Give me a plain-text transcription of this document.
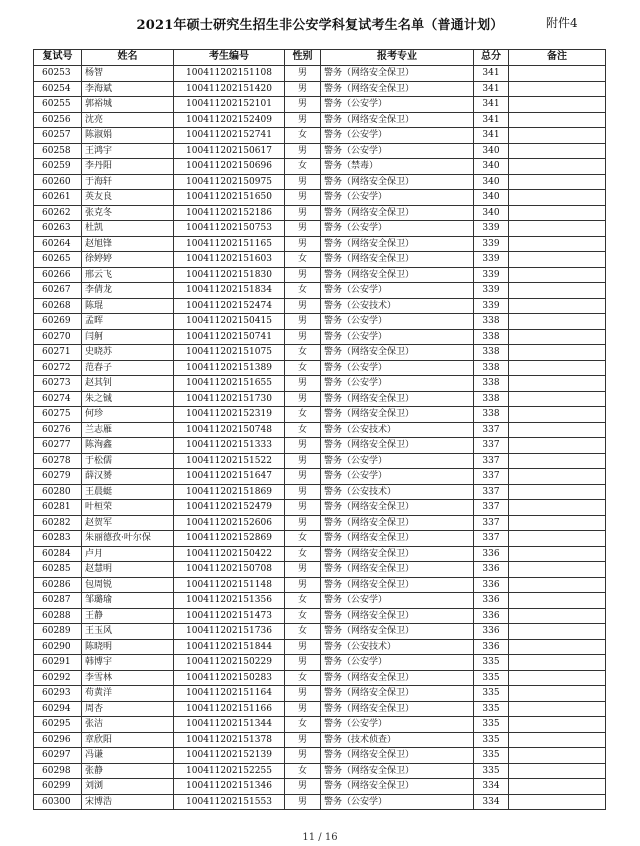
2021年硕士研究生招生非公安学科复试考生名单（普通计划）	附件4
复试号	姓名	考生编号	性别	报考专业	总分	备注
60253	杨智	100411202151108	男	警务（网络安全保卫）	341	
60254	李海斌	100411202151420	男	警务（网络安全保卫）	341	
60255	郭裕城	100411202152101	男	警务（公安学）	341	
60256	沈亮	100411202152409	男	警务（网络安全保卫）	341	
60257	陈淑娟	100411202152741	女	警务（公安学）	341	
60258	王鸿宇	100411202150617	男	警务（公安学）	340	
60259	李丹阳	100411202150696	女	警务（禁毒）	340	
60260	于海轩	100411202150975	男	警务（网络安全保卫）	340	
60261	英友良	100411202151650	男	警务（公安学）	340	
60262	张克冬	100411202152186	男	警务（网络安全保卫）	340	
60263	杜凯	100411202150753	男	警务（公安学）	339	
60264	赵旭锋	100411202151165	男	警务（网络安全保卫）	339	
60265	徐婷婷	100411202151603	女	警务（网络安全保卫）	339	
60266	邢云飞	100411202151830	男	警务（网络安全保卫）	339	
60267	李倩龙	100411202151834	女	警务（公安学）	339	
60268	陈琨	100411202152474	男	警务（公安技术）	339	
60269	孟晖	100411202150415	男	警务（公安学）	338	
60270	闫舸	100411202150741	男	警务（公安学）	338	
60271	史晓苏	100411202151075	女	警务（网络安全保卫）	338	
60272	范春子	100411202151389	女	警务（公安学）	338	
60273	赵其钊	100411202151655	男	警务（公安学）	338	
60274	朱之铖	100411202151730	男	警务（网络安全保卫）	338	
60275	何珍	100411202152319	女	警务（网络安全保卫）	338	
60276	兰志雁	100411202150748	女	警务（公安技术）	337	
60277	陈洵鑫	100411202151333	男	警务（网络安全保卫）	337	
60278	于松儒	100411202151522	男	警务（公安学）	337	
60279	薛汉赟	100411202151647	男	警务（公安学）	337	
60280	王晨蜓	100411202151869	男	警务（公安技术）	337	
60281	叶桓荣	100411202152479	男	警务（网络安全保卫）	337	
60282	赵贺军	100411202152606	男	警务（网络安全保卫）	337	
60283	朱丽德孜·叶尔保	100411202152869	女	警务（网络安全保卫）	337	
60284	卢月	100411202150422	女	警务（网络安全保卫）	336	
60285	赵慧明	100411202150708	男	警务（网络安全保卫）	336	
60286	包周锐	100411202151148	男	警务（网络安全保卫）	336	
60287	邹璐瑜	100411202151356	女	警务（公安学）	336	
60288	王静	100411202151473	女	警务（网络安全保卫）	336	
60289	王玉风	100411202151736	女	警务（网络安全保卫）	336	
60290	陈晓明	100411202151844	男	警务（公安技术）	336	
60291	韩博宇	100411202150229	男	警务（公安学）	335	
60292	李雪林	100411202150283	女	警务（网络安全保卫）	335	
60293	苟黄洋	100411202151164	男	警务（网络安全保卫）	335	
60294	周杏	100411202151166	男	警务（网络安全保卫）	335	
60295	张洁	100411202151344	女	警务（公安学）	335	
60296	章欣阳	100411202151378	男	警务（技术侦查）	335	
60297	冯谦	100411202152139	男	警务（网络安全保卫）	335	
60298	张静	100411202152255	女	警务（网络安全保卫）	335	
60299	刘浏	100411202151346	男	警务（网络安全保卫）	334	
60300	宋博浩	100411202151553	男	警务（公安学）	334	
11 / 16
